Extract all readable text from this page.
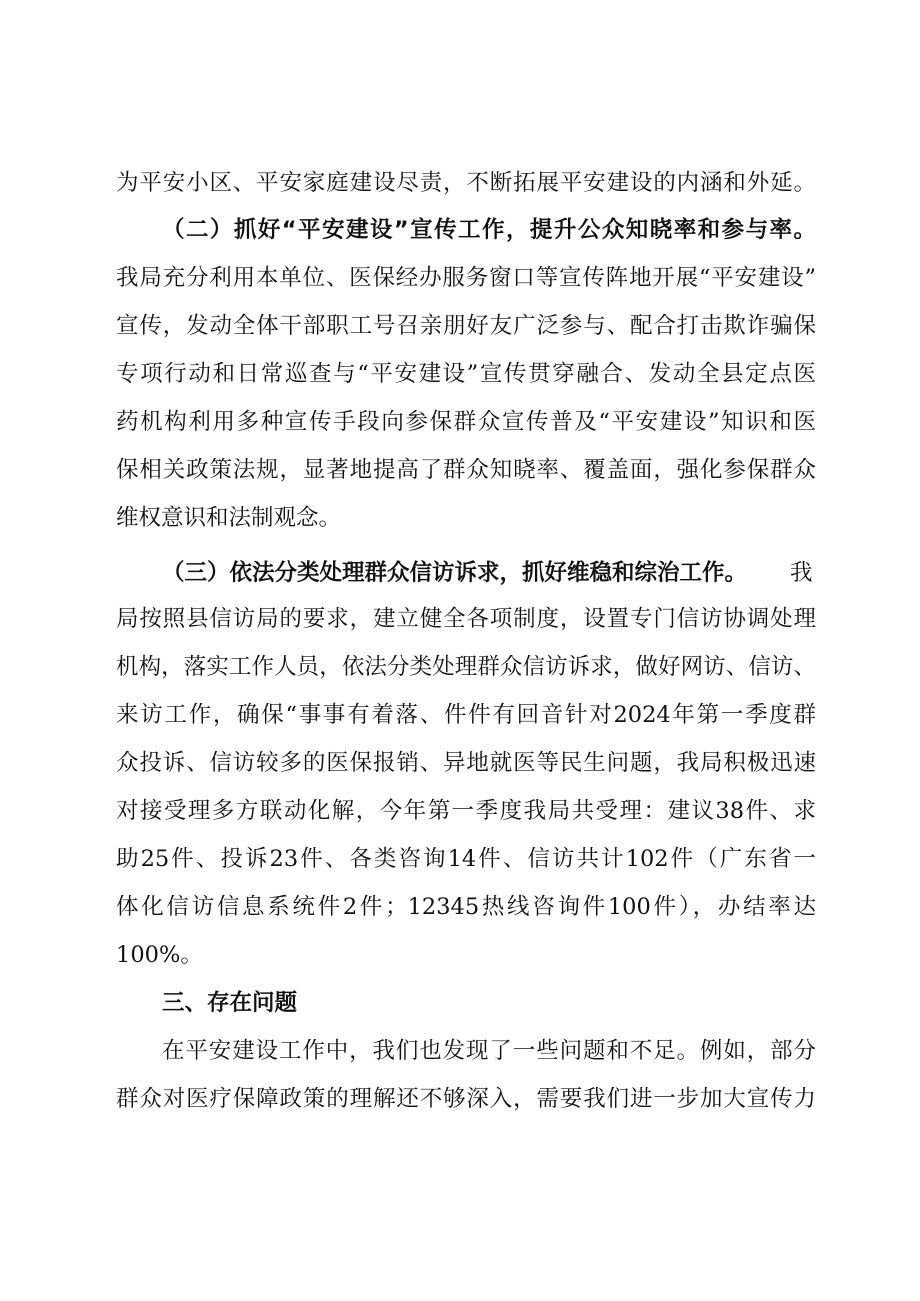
为平安小区、平安家庭建设尽责，不断拓展平安建设的内涵和外延。
（二）抓好“平安建设”宣传工作，提升公众知晓率和参与率。
我局充分利用本单位、医保经办服务窗口等宣传阵地开展“平安建设”
宣传，发动全体干部职工号召亲朋好友广泛参与、配合打击欺诈骗保
专项行动和日常巡查与“平安建设”宣传贯穿融合、发动全县定点医
药机构利用多种宣传手段向参保群众宣传普及“平安建设”知识和医
保相关政策法规，显著地提高了群众知晓率、覆盖面，强化参保群众
维权意识和法制观念。
（三）依法分类处理群众信访诉求，抓好维稳和综治工作。	我
局按照县信访局的要求，建立健全各项制度，设置专门信访协调处理
机构，落实工作人员，依法分类处理群众信访诉求，做好网访、信访、
来访工作，确保“事事有着落、件件有回音针对2024年第一季度群
众投诉、信访较多的医保报销、异地就医等民生问题，我局积极迅速
对接受理多方联动化解，今年第一季度我局共受理：建议38件、求
助25件、投诉23件、各类咨询14件、信访共计102件（广东省一
体化信访信息系统件2件；12345热线咨询件100件），办结率达
100%。
三、存在问题
在平安建设工作中，我们也发现了一些问题和不足。例如，部分
群众对医疗保障政策的理解还不够深入，需要我们进一步加大宣传力
